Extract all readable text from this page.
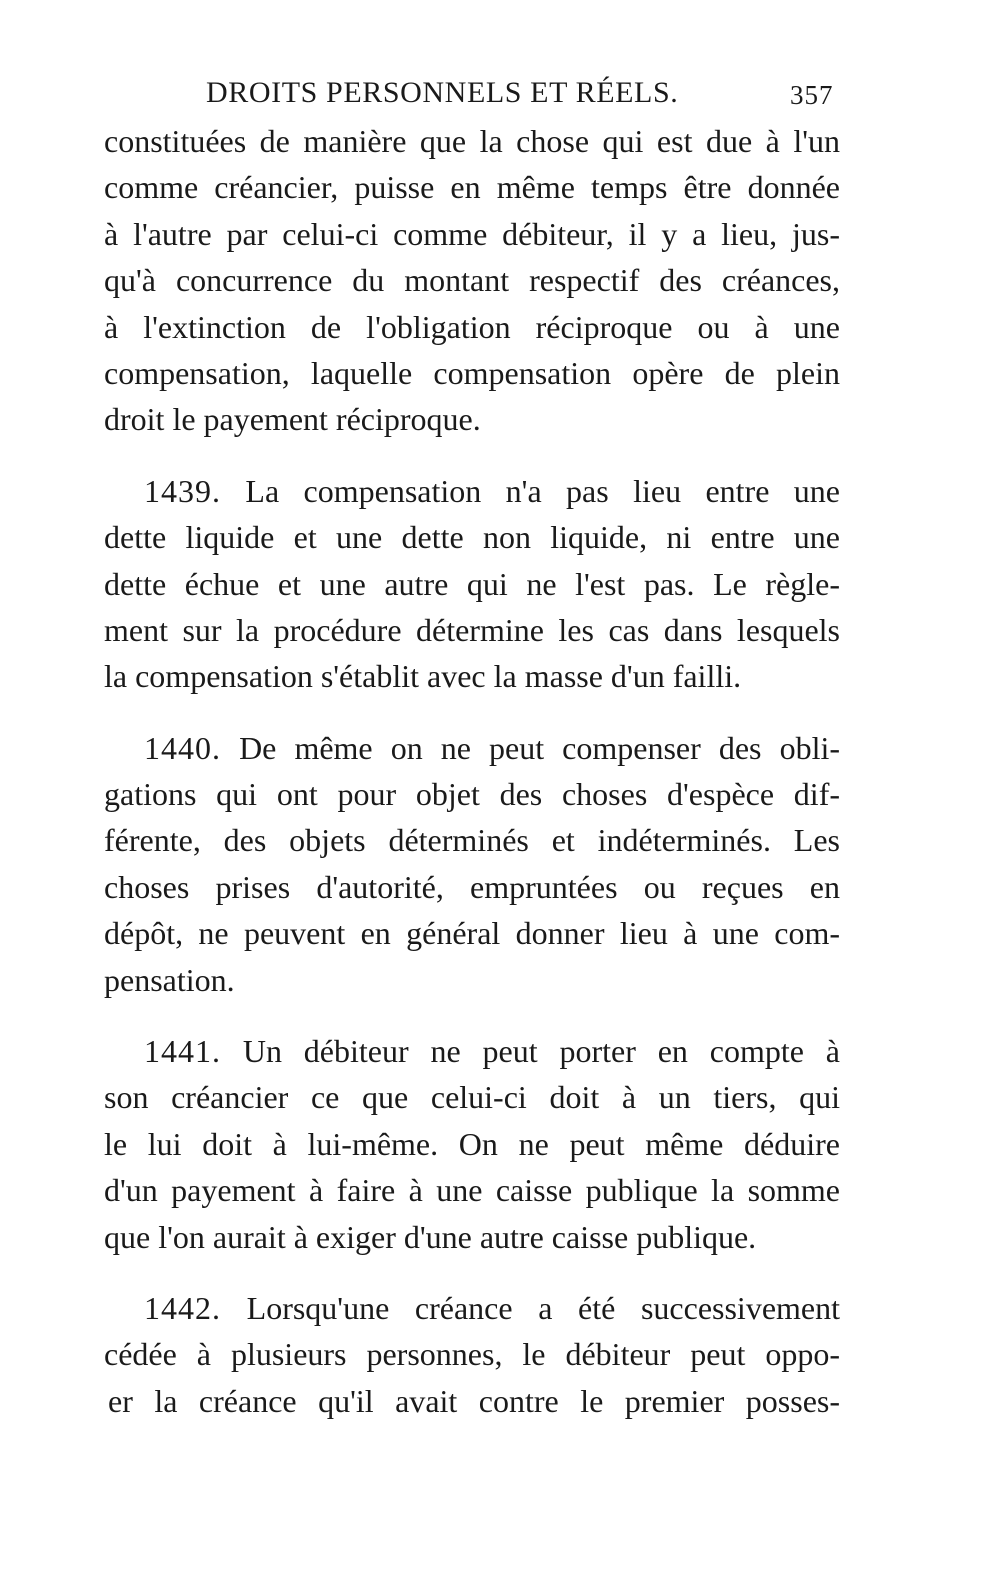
DROITS PERSONNELS ET RÉELS.	357
constituées de manière que la chose qui est due à l'un
comme créancier, puisse en même temps être donnée
à l'autre par celui-ci comme débiteur, il y a lieu, jus-
qu'à concurrence du montant respectif des créances,
à l'extinction de l'obligation réciproque ou à une
compensation, laquelle compensation opère de plein
droit le payement réciproque.
1439. La compensation n'a pas lieu entre une
dette liquide et une dette non liquide, ni entre une
dette échue et une autre qui ne l'est pas. Le règle-
ment sur la procédure détermine les cas dans lesquels
la compensation s'établit avec la masse d'un failli.
1440. De même on ne peut compenser des obli-
gations qui ont pour objet des choses d'espèce dif-
férente, des objets déterminés et indéterminés. Les
choses prises d'autorité, empruntées ou reçues en
dépôt, ne peuvent en général donner lieu à une com-
pensation.
1441. Un débiteur ne peut porter en compte à
son créancier ce que celui-ci doit à un tiers, qui
le lui doit à lui-même. On ne peut même déduire
d'un payement à faire à une caisse publique la somme
que l'on aurait à exiger d'une autre caisse publique.
1442. Lorsqu'une créance a été successivement
cédée à plusieurs personnes, le débiteur peut oppo-
er la créance qu'il avait contre le premier posses-
